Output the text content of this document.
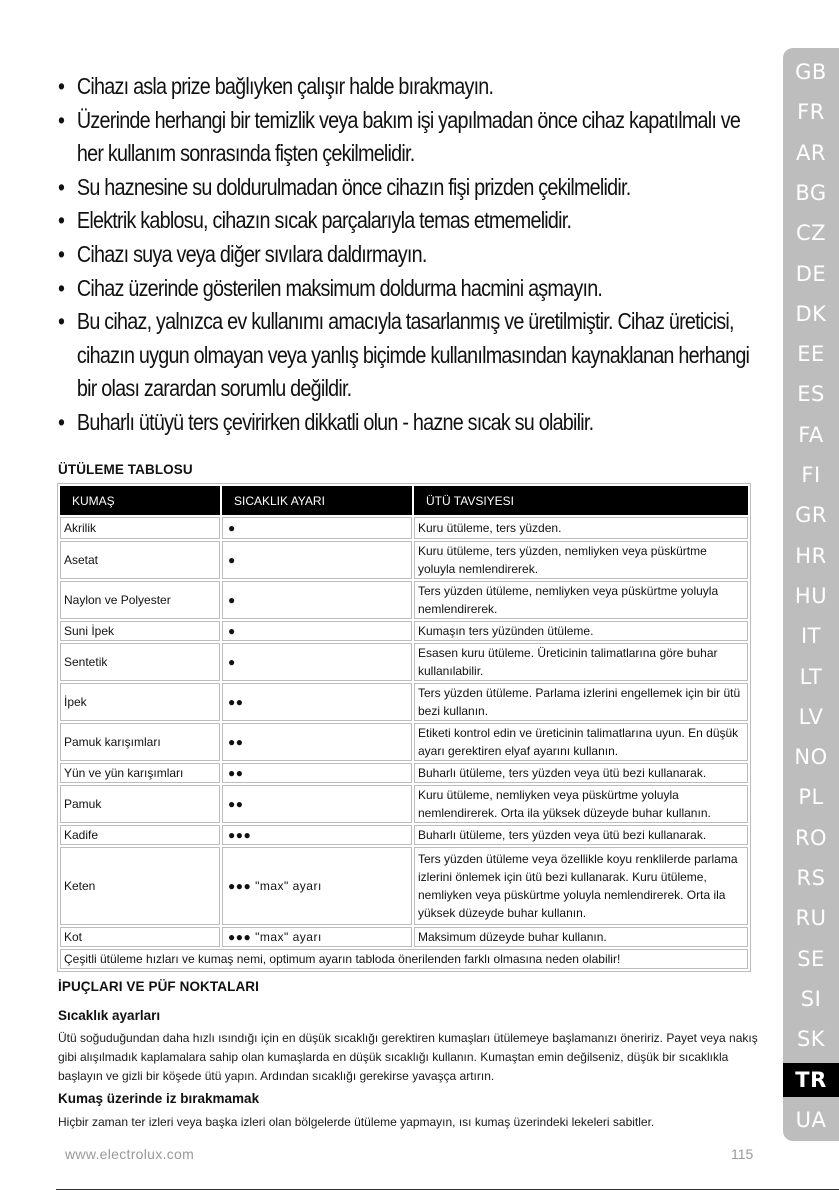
• Cihazı asla prize bağlıyken çalışır halde bırakmayın.
• Üzerinde herhangi bir temizlik veya bakım işi yapılmadan önce cihaz kapatılmalı ve her kullanım sonrasında fişten çekilmelidir.
• Su haznesine su doldurulmadan önce cihazın fişi prizden çekilmelidir.
• Elektrik kablosu, cihazın sıcak parçalarıyla temas etmemelidir.
• Cihazı suya veya diğer sıvılara daldırmayın.
• Cihaz üzerinde gösterilen maksimum doldurma hacmini aşmayın.
• Bu cihaz, yalnızca ev kullanımı amacıyla tasarlanmış ve üretilmiştir. Cihaz üreticisi, cihazın uygun olmayan veya yanlış biçimde kullanılmasından kaynaklanan herhangi bir olası zarardan sorumlu değildir.
• Buharlı ütüyü ters çevirirken dikkatli olun - hazne sıcak su olabilir.
ÜTÜLEME TABLOSU
KUMAŞ	SICAKLIK AYARI	ÜTÜ TAVSIYESI
Akrilik	●	Kuru ütüleme, ters yüzden.
Asetat	●	Kuru ütüleme, ters yüzden, nemliyken veya püskürtme yoluyla nemlendirerek.
Naylon ve Polyester	●	Ters yüzden ütüleme, nemliyken veya püskürtme yoluyla nemlendirerek.
Suni İpek	●	Kumaşın ters yüzünden ütüleme.
Sentetik	●	Esasen kuru ütüleme. Üreticinin talimatlarına göre buhar kullanılabilir.
İpek	●●	Ters yüzden ütüleme. Parlama izlerini engellemek için bir ütü bezi kullanın.
Pamuk karışımları	●●	Etiketi kontrol edin ve üreticinin talimatlarına uyun. En düşük ayarı gerektiren elyaf ayarını kullanın.
Yün ve yün karışımları	●●	Buharlı ütüleme, ters yüzden veya ütü bezi kullanarak.
Pamuk	●●	Kuru ütüleme, nemliyken veya püskürtme yoluyla nemlendirerek. Orta ila yüksek düzeyde buhar kullanın.
Kadife	●●●	Buharlı ütüleme, ters yüzden veya ütü bezi kullanarak.
Keten	●●● "max" ayarı	Ters yüzden ütüleme veya özellikle koyu renklilerde parlama izlerini önlemek için ütü bezi kullanarak. Kuru ütüleme, nemliyken veya püskürtme yoluyla nemlendirerek. Orta ila yüksek düzeyde buhar kullanın.
Kot	●●● "max" ayarı	Maksimum düzeyde buhar kullanın.
Çeşitli ütüleme hızları ve kumaş nemi, optimum ayarın tabloda önerilenden farklı olmasına neden olabilir!		
İPUÇLARI VE PÜF NOKTALARI
Sıcaklık ayarları
Ütü soğuduğundan daha hızlı ısındığı için en düşük sıcaklığı gerektiren kumaşları ütülemeye başlamanızı öneririz. Payet veya nakış gibi alışılmadık kaplamalara sahip olan kumaşlarda en düşük sıcaklığı kullanın. Kumaştan emin değilseniz, düşük bir sıcaklıkla başlayın ve gizli bir köşede ütü yapın. Ardından sıcaklığı gerekirse yavaşça artırın.
Kumaş üzerinde iz bırakmamak
Hiçbir zaman ter izleri veya başka izleri olan bölgelerde ütüleme yapmayın, ısı kumaş üzerindeki lekeleri sabitler.
www.electrolux.com	115
GB
FR
AR
BG
CZ
DE
DK
EE
ES
FA
FI
GR
HR
HU
IT
LT
LV
NO
PL
RO
RS
RU
SE
SI
SK
TR
UA
